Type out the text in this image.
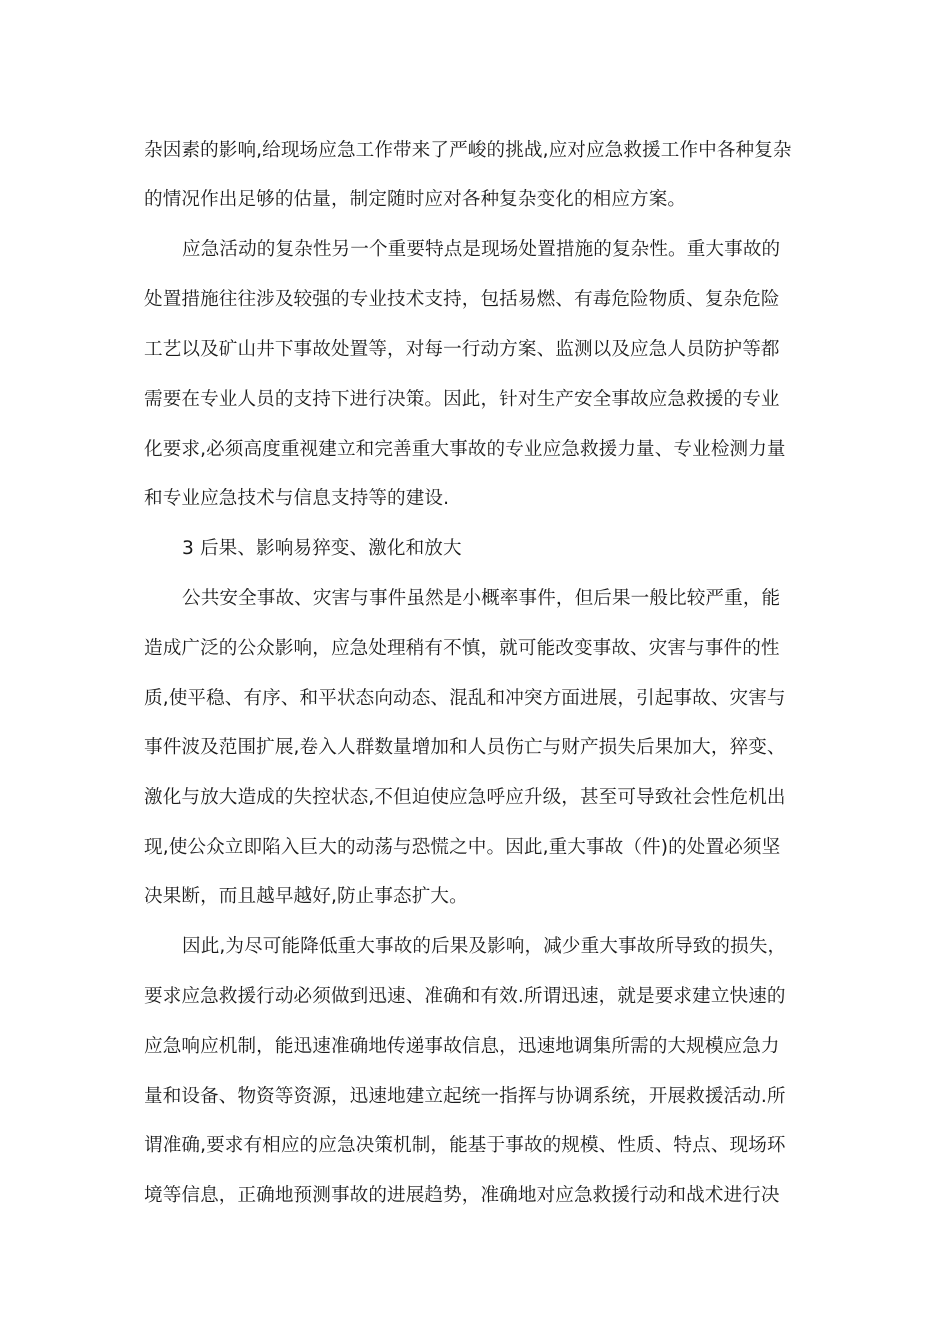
杂因素的影响,给现场应急工作带来了严峻的挑战,应对应急救援工作中各种复杂
的情况作出足够的估量，制定随时应对各种复杂变化的相应方案。
应急活动的复杂性另一个重要特点是现场处置措施的复杂性。重大事故的
处置措施往往涉及较强的专业技术支持，包括易燃、有毒危险物质、复杂危险
工艺以及矿山井下事故处置等，对每一行动方案、监测以及应急人员防护等都
需要在专业人员的支持下进行决策。因此，针对生产安全事故应急救援的专业
化要求,必须高度重视建立和完善重大事故的专业应急救援力量、专业检测力量
和专业应急技术与信息支持等的建设.
3 后果、影响易猝变、激化和放大
公共安全事故、灾害与事件虽然是小概率事件，但后果一般比较严重，能
造成广泛的公众影响，应急处理稍有不慎，就可能改变事故、灾害与事件的性
质,使平稳、有序、和平状态向动态、混乱和冲突方面进展，引起事故、灾害与
事件波及范围扩展,卷入人群数量增加和人员伤亡与财产损失后果加大，猝变、
激化与放大造成的失控状态,不但迫使应急呼应升级，甚至可导致社会性危机出
现,使公众立即陷入巨大的动荡与恐慌之中。因此,重大事故（件)的处置必须坚
决果断，而且越早越好,防止事态扩大。
因此,为尽可能降低重大事故的后果及影响，减少重大事故所导致的损失，
要求应急救援行动必须做到迅速、准确和有效.所谓迅速，就是要求建立快速的
应急响应机制，能迅速准确地传递事故信息，迅速地调集所需的大规模应急力
量和设备、物资等资源，迅速地建立起统一指挥与协调系统，开展救援活动.所
谓准确,要求有相应的应急决策机制，能基于事故的规模、性质、特点、现场环
境等信息，正确地预测事故的进展趋势，准确地对应急救援行动和战术进行决
